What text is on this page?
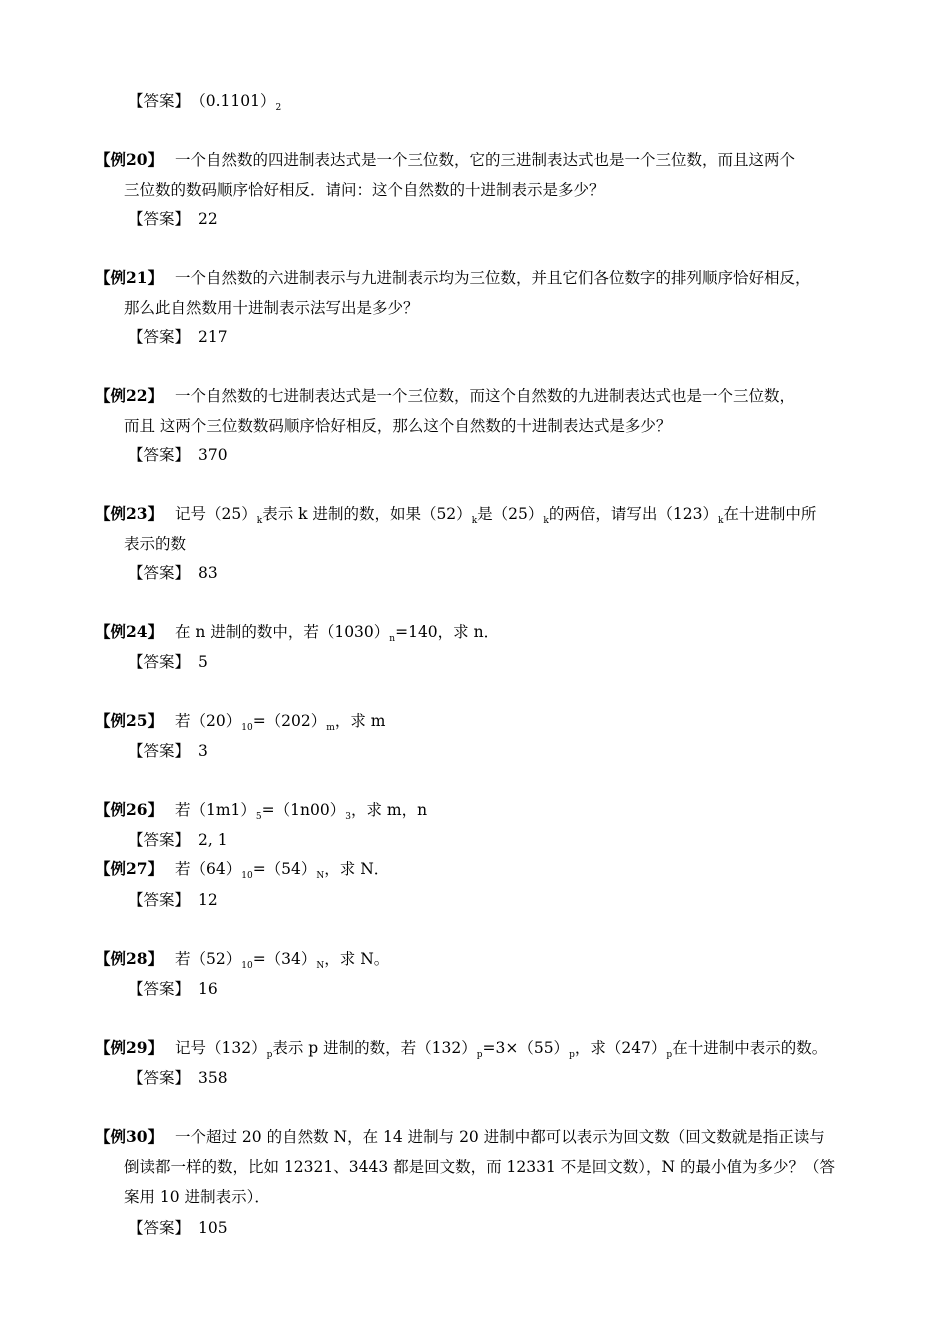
【答案】 $(0.1101)_2$
【例20】 一个自然数的四进制表达式是一个三位数，它的三进制表达式也是一个三位数，而且这两个
三位数的数码顺序恰好相反．请问：这个自然数的十进制表示是多少？
【答案】 22
【例21】 一个自然数的六进制表示与九进制表示均为三位数，并且它们各位数字的排列顺序恰好相反，
那么此自然数用十进制表示法写出是多少？
【答案】 217
【例22】 一个自然数的七进制表达式是一个三位数，而这个自然数的九进制表达式也是一个三位数，
而且 这两个三位数数码顺序恰好相反，那么这个自然数的十进制表达式是多少？
【答案】 370
【例23】 记号$(25)_k$表示 k 进制的数，如果$(52)_k$是$(25)_k$的两倍，请写出$(123)_k$在十进制中所
表示的数
【答案】 83
【例24】 在 n 进制的数中，若$(1030)_n=140$，求 n．
【答案】 5
【例25】 若$(20)_{10}=(202)_m$，求 m
【答案】 3
【例26】 若$(1m1)_5=(1n00)_3$，求 m，n
【答案】 2, 1
【例27】 若$(64)_{10}=(54)_N$，求 N．
【答案】 12
【例28】 若$(52)_{10}=(34)_N$，求 N。
【答案】 16
【例29】 记号$(132)_p$表示 p 进制的数，若$(132)_p=3\times(55)_p$，求$(247)_p$在十进制中表示的数。
【答案】 358
【例30】 一个超过 20 的自然数 N，在 14 进制与 20 进制中都可以表示为回文数（回文数就是指正读与
倒读都一样的数，比如 12321、3443 都是回文数，而 12331 不是回文数），N 的最小值为多少？（答
案用 10 进制表示）．
【答案】 105
